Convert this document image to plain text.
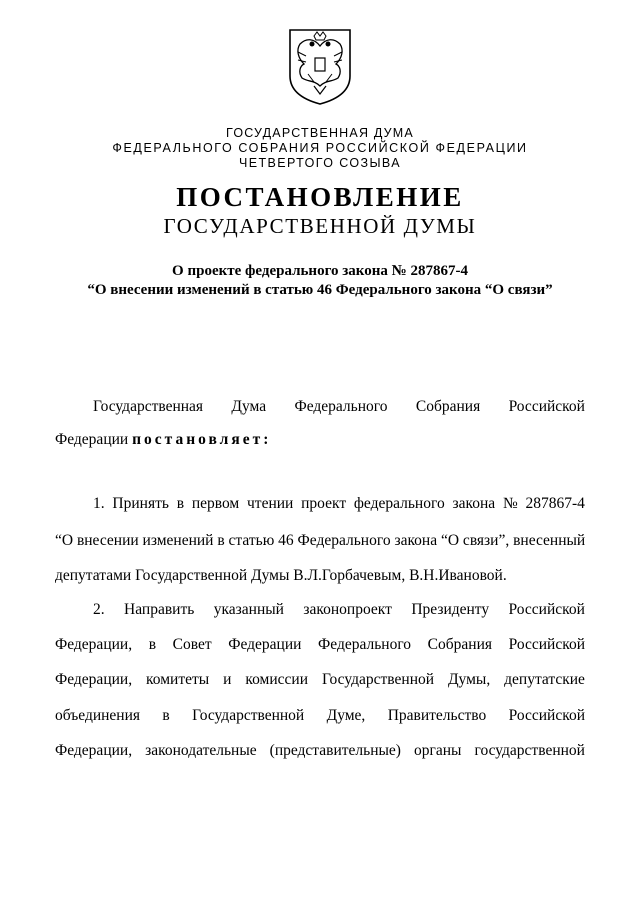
ГОСУДАРСТВЕННАЯ ДУМА
ФЕДЕРАЛЬНОГО СОБРАНИЯ РОССИЙСКОЙ ФЕДЕРАЦИИ
ЧЕТВЕРТОГО СОЗЫВА
ПОСТАНОВЛЕНИЕ
ГОСУДАРСТВЕННОЙ ДУМЫ
О проекте федерального закона № 287867-4
“О внесении изменений в статью 46 Федерального закона “О связи”
Государственная Дума Федерального Собрания Российской
Федерации постановляет:
1. Принять в первом чтении проект федерального закона № 287867-4
“О внесении изменений в статью 46 Федерального закона “О связи”, внесенный
депутатами Государственной Думы В.Л.Горбачевым, В.Н.Ивановой.
2. Направить указанный законопроект Президенту Российской
Федерации, в Совет Федерации Федерального Собрания Российской
Федерации, комитеты и комиссии Государственной Думы, депутатские
объединения в Государственной Думе, Правительство Российской
Федерации, законодательные (представительные) органы государственной
